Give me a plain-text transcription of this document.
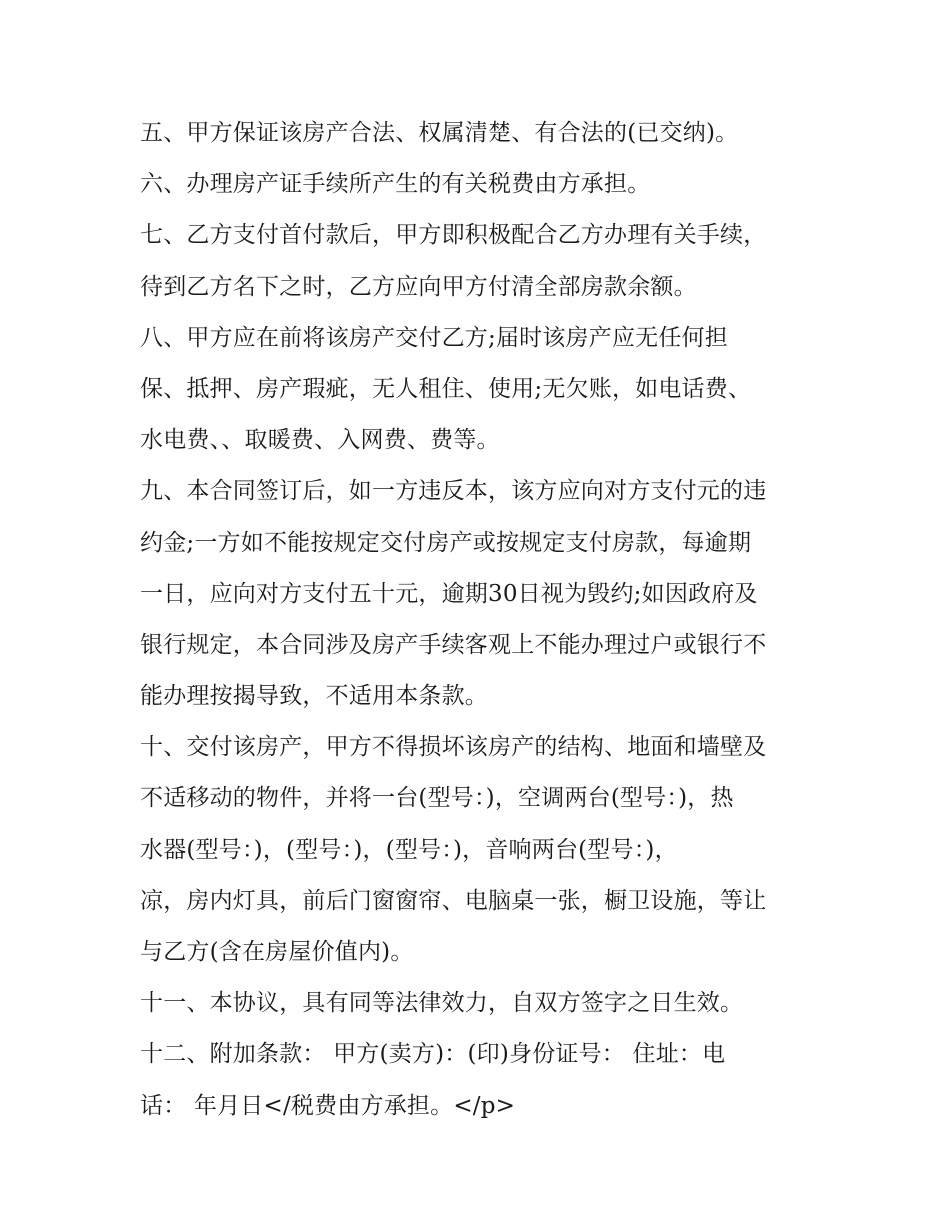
五、甲方保证该房产合法、权属清楚、有合法的(已交纳)。
六、办理房产证手续所产生的有关税费由方承担。
七、乙方支付首付款后，甲方即积极配合乙方办理有关手续，
待到乙方名下之时，乙方应向甲方付清全部房款余额。
八、甲方应在前将该房产交付乙方;届时该房产应无任何担
保、抵押、房产瑕疵，无人租住、使用;无欠账，如电话费、
水电费、、取暖费、入网费、费等。
九、本合同签订后，如一方违反本，该方应向对方支付元的违
约金;一方如不能按规定交付房产或按规定支付房款，每逾期
一日，应向对方支付五十元，逾期30日视为毁约;如因政府及
银行规定，本合同涉及房产手续客观上不能办理过户或银行不
能办理按揭导致，不适用本条款。
十、交付该房产，甲方不得损坏该房产的结构、地面和墙壁及
不适移动的物件，并将一台(型号：)，空调两台(型号：)，热
水器(型号：)，(型号：)，(型号：)，音响两台(型号：)，
凉，房内灯具，前后门窗窗帘、电脑桌一张，橱卫设施，等让
与乙方(含在房屋价值内)。
十一、本协议，具有同等法律效力，自双方签字之日生效。
十二、附加条款： 甲方(卖方)：(印)身份证号： 住址：电
话： 年月日</税费由方承担。</p>
